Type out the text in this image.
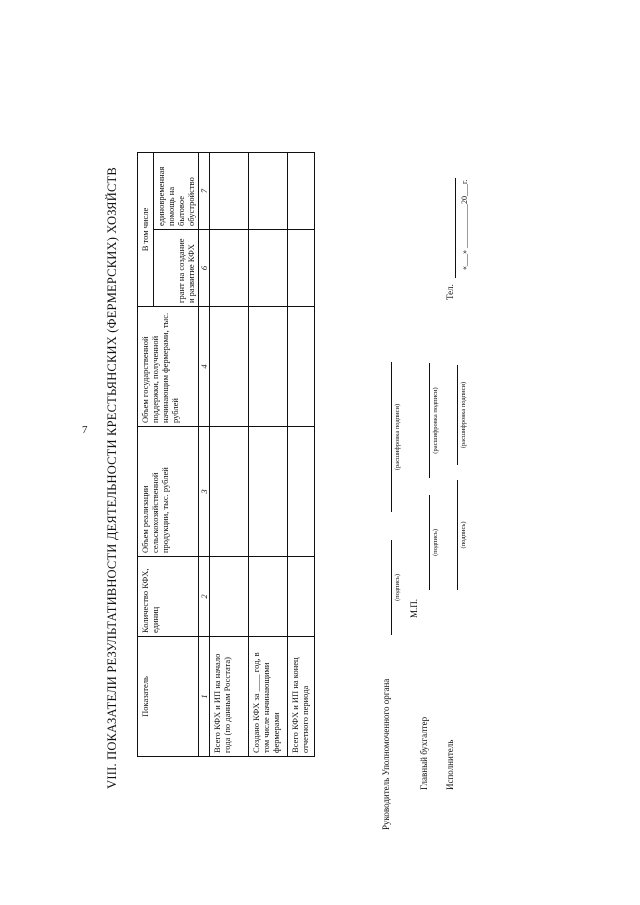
7 VIII. ПОКАЗАТЕЛИ РЕЗУЛЬТАТИВНОСТИ ДЕЯТЕЛЬНОСТИ КРЕСТЬЯНСКИХ (ФЕРМЕРСКИХ) ХОЗЯЙСТВ Показатель	Количество КФХ, единиц	Объем реализации сельскохозяйственной продукции, тыс. рублей	Объем государственной поддержки, полученной начинающим фермерами, тыс. рублей	В том числе	
				грант на создание и развитие КФХ	единовременная помощь на бытовое обустройство
1	2	3	4	6	7
Всего КФХ и ИП на начало года (по данным Росстата)					
Создано КФХ за ____ год, в том числе начинающими фермерами					
Всего КФХ и ИП на конец отчетного периода						Руководитель Уполномоченного органа
(подпись)
(расшифровка подписи)
М.П.
Главный бухгалтер
(подпись)
(расшифровка подписи)
Исполнитель
(подпись)
(расшифровка подписи)
Тел.
«___» ___________20___г.
